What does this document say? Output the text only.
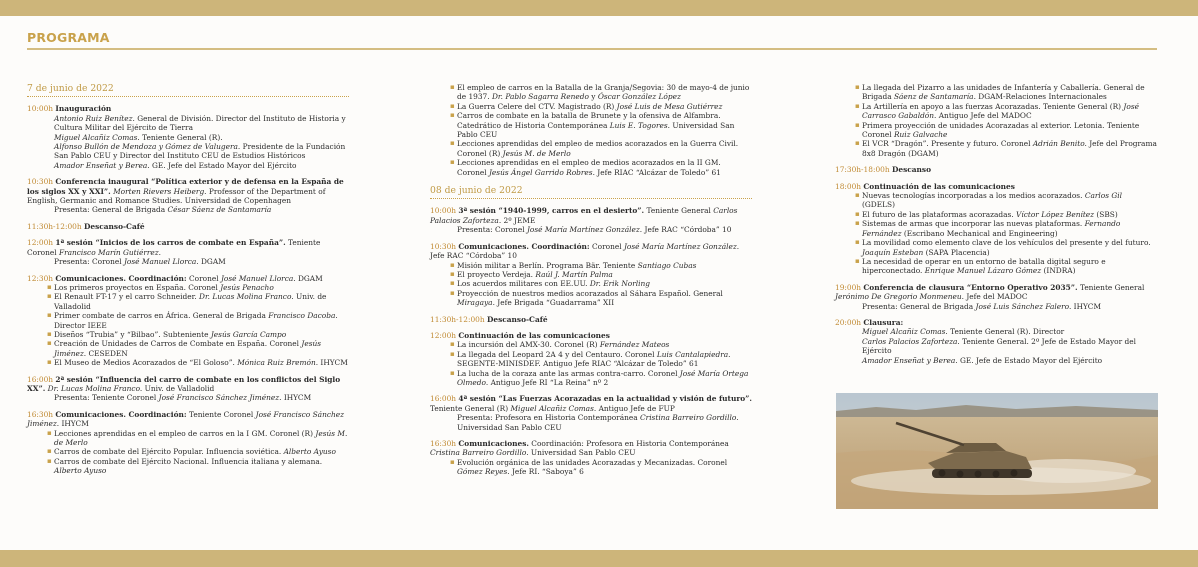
PROGRAMA
7 de junio de 2022
10:00h Inauguración
Antonio Ruiz Benítez. General de División. Director del Instituto de Historia y Cultura Militar del Ejército de Tierra
Miguel Alcañiz Comas. Teniente General (R).
Alfonso Bullón de Mendoza y Gómez de Valugera. Presidente de la Fundación San Pablo CEU y Director del Instituto CEU de Estudios Históricos
Amador Enseñat y Berea. GE. Jefe del Estado Mayor del Ejército
10:30h Conferencia inaugural “Política exterior y de defensa en la España de los siglos XX y XXI”. Morten Rievers Heiberg. Professor of the Department of English, Germanic and Romance Studies. Universidad de Copenhagen
Presenta: General de Brigada César Sáenz de Santamaría
11:30h-12:00h Descanso-Café
12:00h 1ª sesión “Inicios de los carros de combate en España”. Teniente Coronel Francisco Marín Gutiérrez.
Presenta: Coronel José Manuel Llorca. DGAM
12:30h Comunicaciones. Coordinación: Coronel José Manuel Llorca. DGAM
▪ Los primeros proyectos en España. Coronel Jesús Penacho
▪ El Renault FT-17 y el carro Schneider. Dr. Lucas Molina Franco. Univ. de Valladolid
▪ Primer combate de carros en África. General de Brigada Francisco Dacoba. Director IEEE
▪ Diseños “Trubia” y “Bilbao”. Subteniente Jesús García Campo
▪ Creación de Unidades de Carros de Combate en España. Coronel Jesús Jiménez. CESEDEN
▪ El Museo de Medios Acorazados de “El Goloso”. Mónica Ruiz Bremón. IHYCM
16:00h 2ª sesión “Influencia del carro de combate en los conflictos del Siglo XX”. Dr. Lucas Molina Franco. Univ. de Valladolid
Presenta: Teniente Coronel José Francisco Sánchez Jiménez. IHYCM
16:30h Comunicaciones. Coordinación: Teniente Coronel José Francisco Sánchez Jiménez. IHYCM
▪ Lecciones aprendidas en el empleo de carros en la I GM. Coronel (R) Jesús M. de Merlo
▪ Carros de combate del Ejército Popular. Influencia soviética. Alberto Ayuso
▪ Carros de combate del Ejército Nacional. Influencia italiana y alemana. Alberto Ayuso
▪ El empleo de carros en la Batalla de la Granja/Segovia: 30 de mayo-4 de junio de 1937. Dr. Pablo Sagarra Renedo y Óscar González López
▪ La Guerra Celere del CTV. Magistrado (R) José Luis de Mesa Gutiérrez
▪ Carros de combate en la batalla de Brunete y la ofensiva de Alfambra. Catedrático de Historia Contemporánea Luis E. Togores. Universidad San Pablo CEU
▪ Lecciones aprendidas del empleo de medios acorazados en la Guerra Civil. Coronel (R) Jesús M. de Merlo
▪ Lecciones aprendidas en el empleo de medios acorazados en la II GM. Coronel Jesús Ángel Garrido Robres. Jefe RIAC “Alcázar de Toledo” 61
08 de junio de 2022
10:00h 3ª sesión “1940-1999, carros en el desierto”. Teniente General Carlos Palacios Zaforteza. 2º JEME
Presenta: Coronel José María Martínez González. Jefe RAC “Córdoba” 10
10:30h Comunicaciones. Coordinación: Coronel José María Martínez González. Jefe RAC “Córdoba” 10
▪ Misión militar a Berlín. Programa Bär. Teniente Santiago Cubas
▪ El proyecto Verdeja. Raúl J. Martín Palma
▪ Los acuerdos militares con EE.UU. Dr. Erik Norling
▪ Proyección de nuestros medios acorazados al Sáhara Español. General Miragaya. Jefe Brigada “Guadarrama” XII
11:30h-12:00h Descanso-Café
12:00h Continuación de las comunicaciones
▪ La incursión del AMX-30. Coronel (R) Fernández Mateos
▪ La llegada del Leopard 2A 4 y del Centauro. Coronel Luis Cantalapiedra. SEGENTE-MINISDEF. Antiguo Jefe RIAC “Alcázar de Toledo” 61
▪ La lucha de la coraza ante las armas contra-carro. Coronel José María Ortega Olmedo. Antiguo Jefe RI “La Reina” nº 2
16:00h 4ª sesión “Las Fuerzas Acorazadas en la actualidad y visión de futuro”. Teniente General (R) Miguel Alcañiz Comas. Antiguo Jefe de FUP
Presenta: Profesora en Historia Contemporánea Cristina Barreiro Gordillo. Universidad San Pablo CEU
16:30h Comunicaciones. Coordinación: Profesora en Historia Contemporánea Cristina Barreiro Gordillo. Universidad San Pablo CEU
▪ Evolución orgánica de las unidades Acorazadas y Mecanizadas. Coronel Gómez Reyes. Jefe RI. “Saboya” 6
▪ La llegada del Pizarro a las unidades de Infantería y Caballería. General de Brigada Sáenz de Santamaría. DGAM-Relaciones Internacionales
▪ La Artillería en apoyo a las fuerzas Acorazadas. Teniente General (R) José Carrasco Gabaldón. Antiguo Jefe del MADOC
▪ Primera proyección de unidades Acorazadas al exterior. Letonia. Teniente Coronel Ruiz Galvache
▪ El VCR “Dragón”. Presente y futuro. Coronel Adrián Benito. Jefe del Programa 8x8 Dragón (DGAM)
17:30h-18:00h Descanso
18:00h Continuación de las comunicaciones
▪ Nuevas tecnologías incorporadas a los medios acorazados. Carlos Gil (GDELS)
▪ El futuro de las plataformas acorazadas. Víctor López Benítez (SBS)
▪ Sistemas de armas que incorporar las nuevas plataformas. Fernando Fernández (Escribano Mechanical and Engineering)
▪ La movilidad como elemento clave de los vehículos del presente y del futuro. Joaquín Esteban (SAPA Placencia)
▪ La necesidad de operar en un entorno de batalla digital seguro e hiperconectado. Enrique Manuel Lázaro Gómez (INDRA)
19:00h Conferencia de clausura “Entorno Operativo 2035”. Teniente General Jerónimo De Gregorio Monmeneu. Jefe del MADOC
Presenta: General de Brigada José Luis Sánchez Falero. IHYCM
20:00h Clausura:
Miguel Alcañiz Comas. Teniente General (R). Director
Carlos Palacios Zaforteza. Teniente General. 2º Jefe de Estado Mayor del Ejército
Amador Enseñat y Berea. GE. Jefe de Estado Mayor del Ejército
